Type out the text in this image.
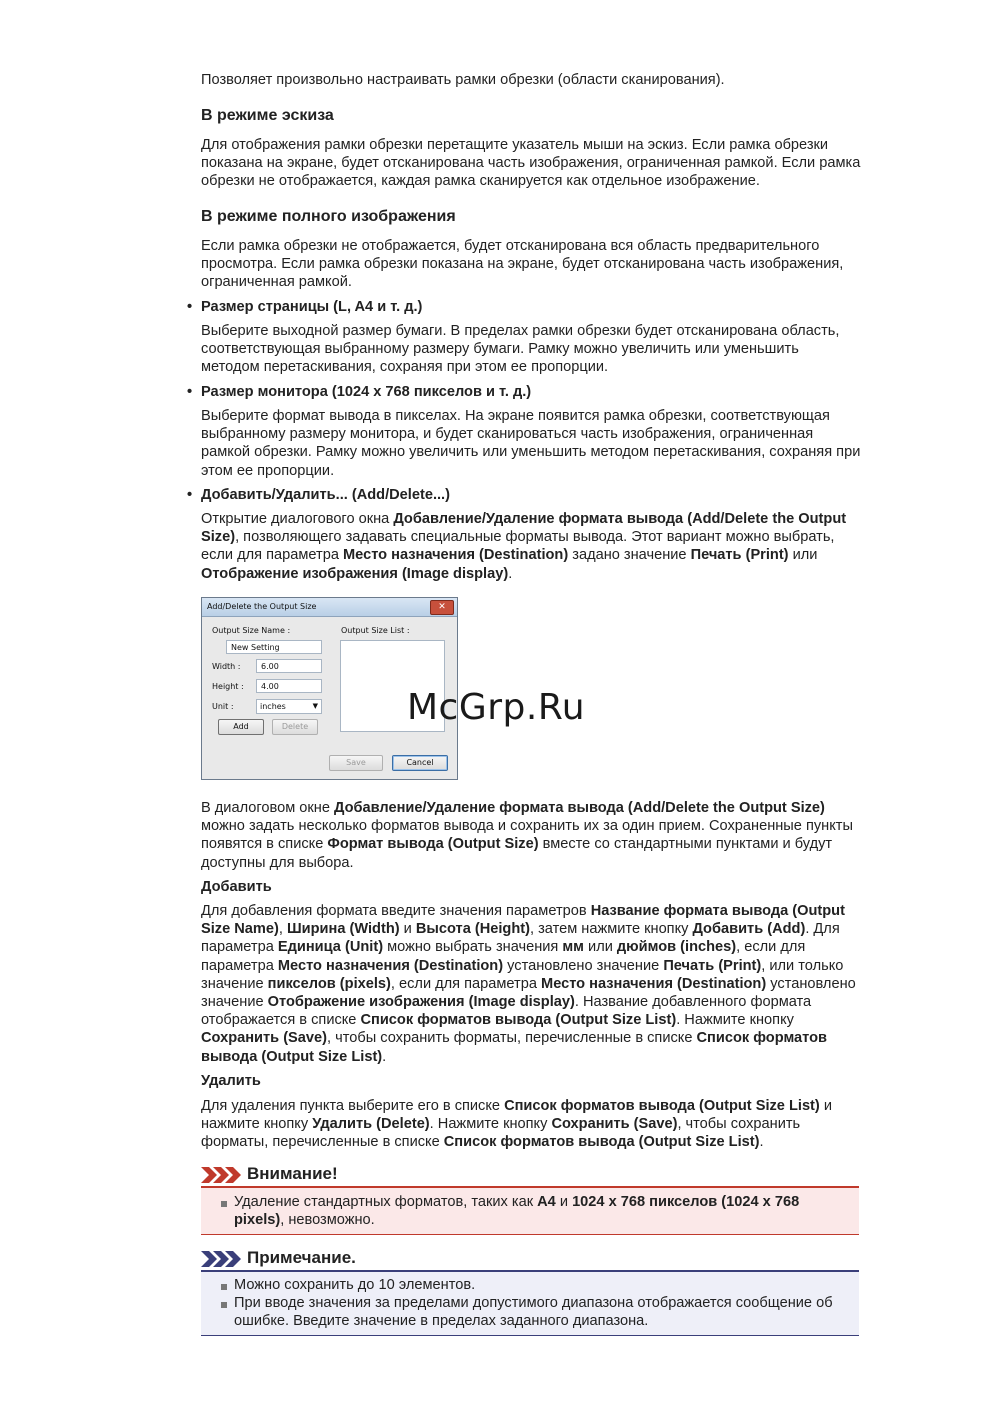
Позволяет произвольно настраивать рамки обрезки (области сканирования).

В режиме эскиза

Для отображения рамки обрезки перетащите указатель мыши на эскиз. Если рамка обрезки показана на экране, будет отсканирована часть изображения, ограниченная рамкой. Если рамка обрезки не отображается, каждая рамка сканируется как отдельное изображение.

В режиме полного изображения

Если рамка обрезки не отображается, будет отсканирована вся область предварительного просмотра. Если рамка обрезки показана на экране, будет отсканирована часть изображения, ограниченная рамкой.

• Размер страницы (L, A4 и т. д.)

Выберите выходной размер бумаги. В пределах рамки обрезки будет отсканирована область, соответствующая выбранному размеру бумаги. Рамку можно увеличить или уменьшить методом перетаскивания, сохраняя при этом ее пропорции.

• Размер монитора (1024 x 768 пикселов и т. д.)

Выберите формат вывода в пикселах. На экране появится рамка обрезки, соответствующая выбранному размеру монитора, и будет сканироваться часть изображения, ограниченная рамкой обрезки. Рамку можно увеличить или уменьшить методом перетаскивания, сохраняя при этом ее пропорции.

• Добавить/Удалить... (Add/Delete...)

Открытие диалогового окна Добавление/Удаление формата вывода (Add/Delete the Output Size), позволяющего задавать специальные форматы вывода. Этот вариант можно выбрать, если для параметра Место назначения (Destination) задано значение Печать (Print) или Отображение изображения (Image display).

Add/Delete the Output Size	✕
Output Size Name :
New Setting
Width :	6.00
Height :	4.00
Unit :	inches	▼
Output Size List :
Add	Delete
Save	Cancel
McGrp.Ru

В диалоговом окне Добавление/Удаление формата вывода (Add/Delete the Output Size) можно задать несколько форматов вывода и сохранить их за один прием. Сохраненные пункты появятся в списке Формат вывода (Output Size) вместе со стандартными пунктами и будут доступны для выбора.

Добавить

Для добавления формата введите значения параметров Название формата вывода (Output Size Name), Ширина (Width) и Высота (Height), затем нажмите кнопку Добавить (Add). Для параметра Единица (Unit) можно выбрать значения мм или дюймов (inches), если для параметра Место назначения (Destination) установлено значение Печать (Print), или только значение пикселов (pixels), если для параметра Место назначения (Destination) установлено значение Отображение изображения (Image display). Название добавленного формата отображается в списке Список форматов вывода (Output Size List). Нажмите кнопку Сохранить (Save), чтобы сохранить форматы, перечисленные в списке Список форматов вывода (Output Size List).

Удалить

Для удаления пункта выберите его в списке Список форматов вывода (Output Size List) и нажмите кнопку Удалить (Delete). Нажмите кнопку Сохранить (Save), чтобы сохранить форматы, перечисленные в списке Список форматов вывода (Output Size List).

Внимание!

Удаление стандартных форматов, таких как A4 и 1024 x 768 пикселов (1024 x 768 pixels), невозможно.

Примечание.

Можно сохранить до 10 элементов.

При вводе значения за пределами допустимого диапазона отображается сообщение об ошибке. Введите значение в пределах заданного диапазона.
